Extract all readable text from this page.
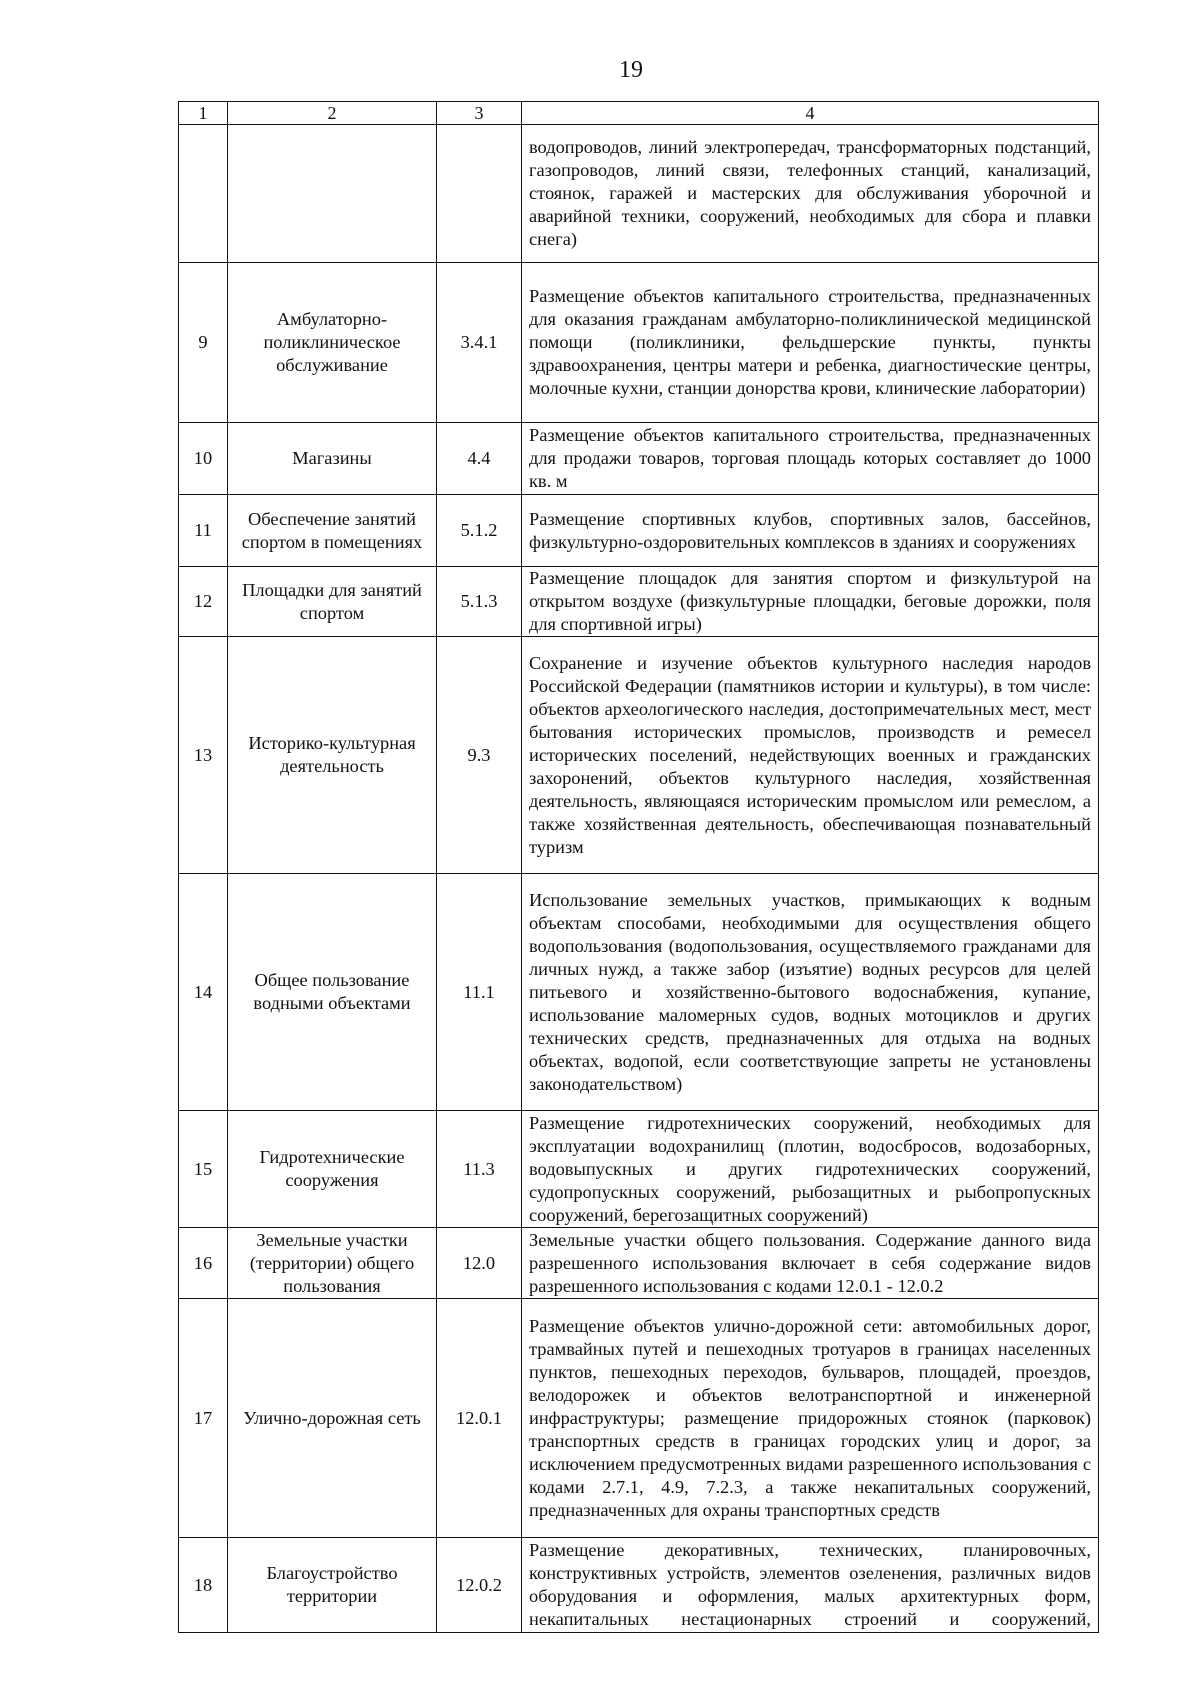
19
1	2	3	4
			водопроводов, линий электропередач, трансформаторных подстанций, газопроводов, линий связи, телефонных станций, канализаций, стоянок, гаражей и мастерских для обслуживания уборочной и аварийной техники, сооружений, необходимых для сбора и плавки снега)
9	Амбулаторно-поликлиническое обслуживание	3.4.1	Размещение объектов капитального строительства, предназначенных для оказания гражданам амбулаторно-поликлинической медицинской помощи (поликлиники, фельдшерские пункты, пункты здравоохранения, центры матери и ребенка, диагностические центры, молочные кухни, станции донорства крови, клинические лаборатории)
10	Магазины	4.4	Размещение объектов капитального строительства, предназначенных для продажи товаров, торговая площадь которых составляет до 1000 кв. м
11	Обеспечение занятий спортом в помещениях	5.1.2	Размещение спортивных клубов, спортивных залов, бассейнов, физкультурно-оздоровительных комплексов в зданиях и сооружениях
12	Площадки для занятий спортом	5.1.3	Размещение площадок для занятия спортом и физкультурой на открытом воздухе (физкультурные площадки, беговые дорожки, поля для спортивной игры)
13	Историко-культурная деятельность	9.3	Сохранение и изучение объектов культурного наследия народов Российской Федерации (памятников истории и культуры), в том числе: объектов археологического наследия, достопримечательных мест, мест бытования исторических промыслов, производств и ремесел исторических поселений, недействующих военных и гражданских захоронений, объектов культурного наследия, хозяйственная деятельность, являющаяся историческим промыслом или ремеслом, а также хозяйственная деятельность, обеспечивающая познавательный туризм
14	Общее пользование водными объектами	11.1	Использование земельных участков, примыкающих к водным объектам способами, необходимыми для осуществления общего водопользования (водопользования, осуществляемого гражданами для личных нужд, а также забор (изъятие) водных ресурсов для целей питьевого и хозяйственно-бытового водоснабжения, купание, использование маломерных судов, водных мотоциклов и других технических средств, предназначенных для отдыха на водных объектах, водопой, если соответствующие запреты не установлены законодательством)
15	Гидротехнические сооружения	11.3	Размещение гидротехнических сооружений, необходимых для эксплуатации водохранилищ (плотин, водосбросов, водозаборных, водовыпускных и других гидротехнических сооружений, судопропускных сооружений, рыбозащитных и рыбопропускных сооружений, берегозащитных сооружений)
16	Земельные участки (территории) общего пользования	12.0	Земельные участки общего пользования. Содержание данного вида разрешенного использования включает в себя содержание видов разрешенного использования с кодами 12.0.1 - 12.0.2
17	Улично-дорожная сеть	12.0.1	Размещение объектов улично-дорожной сети: автомобильных дорог, трамвайных путей и пешеходных тротуаров в границах населенных пунктов, пешеходных переходов, бульваров, площадей, проездов, велодорожек и объектов велотранспортной и инженерной инфраструктуры; размещение придорожных стоянок (парковок) транспортных средств в границах городских улиц и дорог, за исключением предусмотренных видами разрешенного использования с кодами 2.7.1, 4.9, 7.2.3, а также некапитальных сооружений, предназначенных для охраны транспортных средств
18	Благоустройство территории	12.0.2	Размещение декоративных, технических, планировочных, конструктивных устройств, элементов озеленения, различных видов оборудования и оформления, малых архитектурных форм, некапитальных нестационарных строений и сооружений,
